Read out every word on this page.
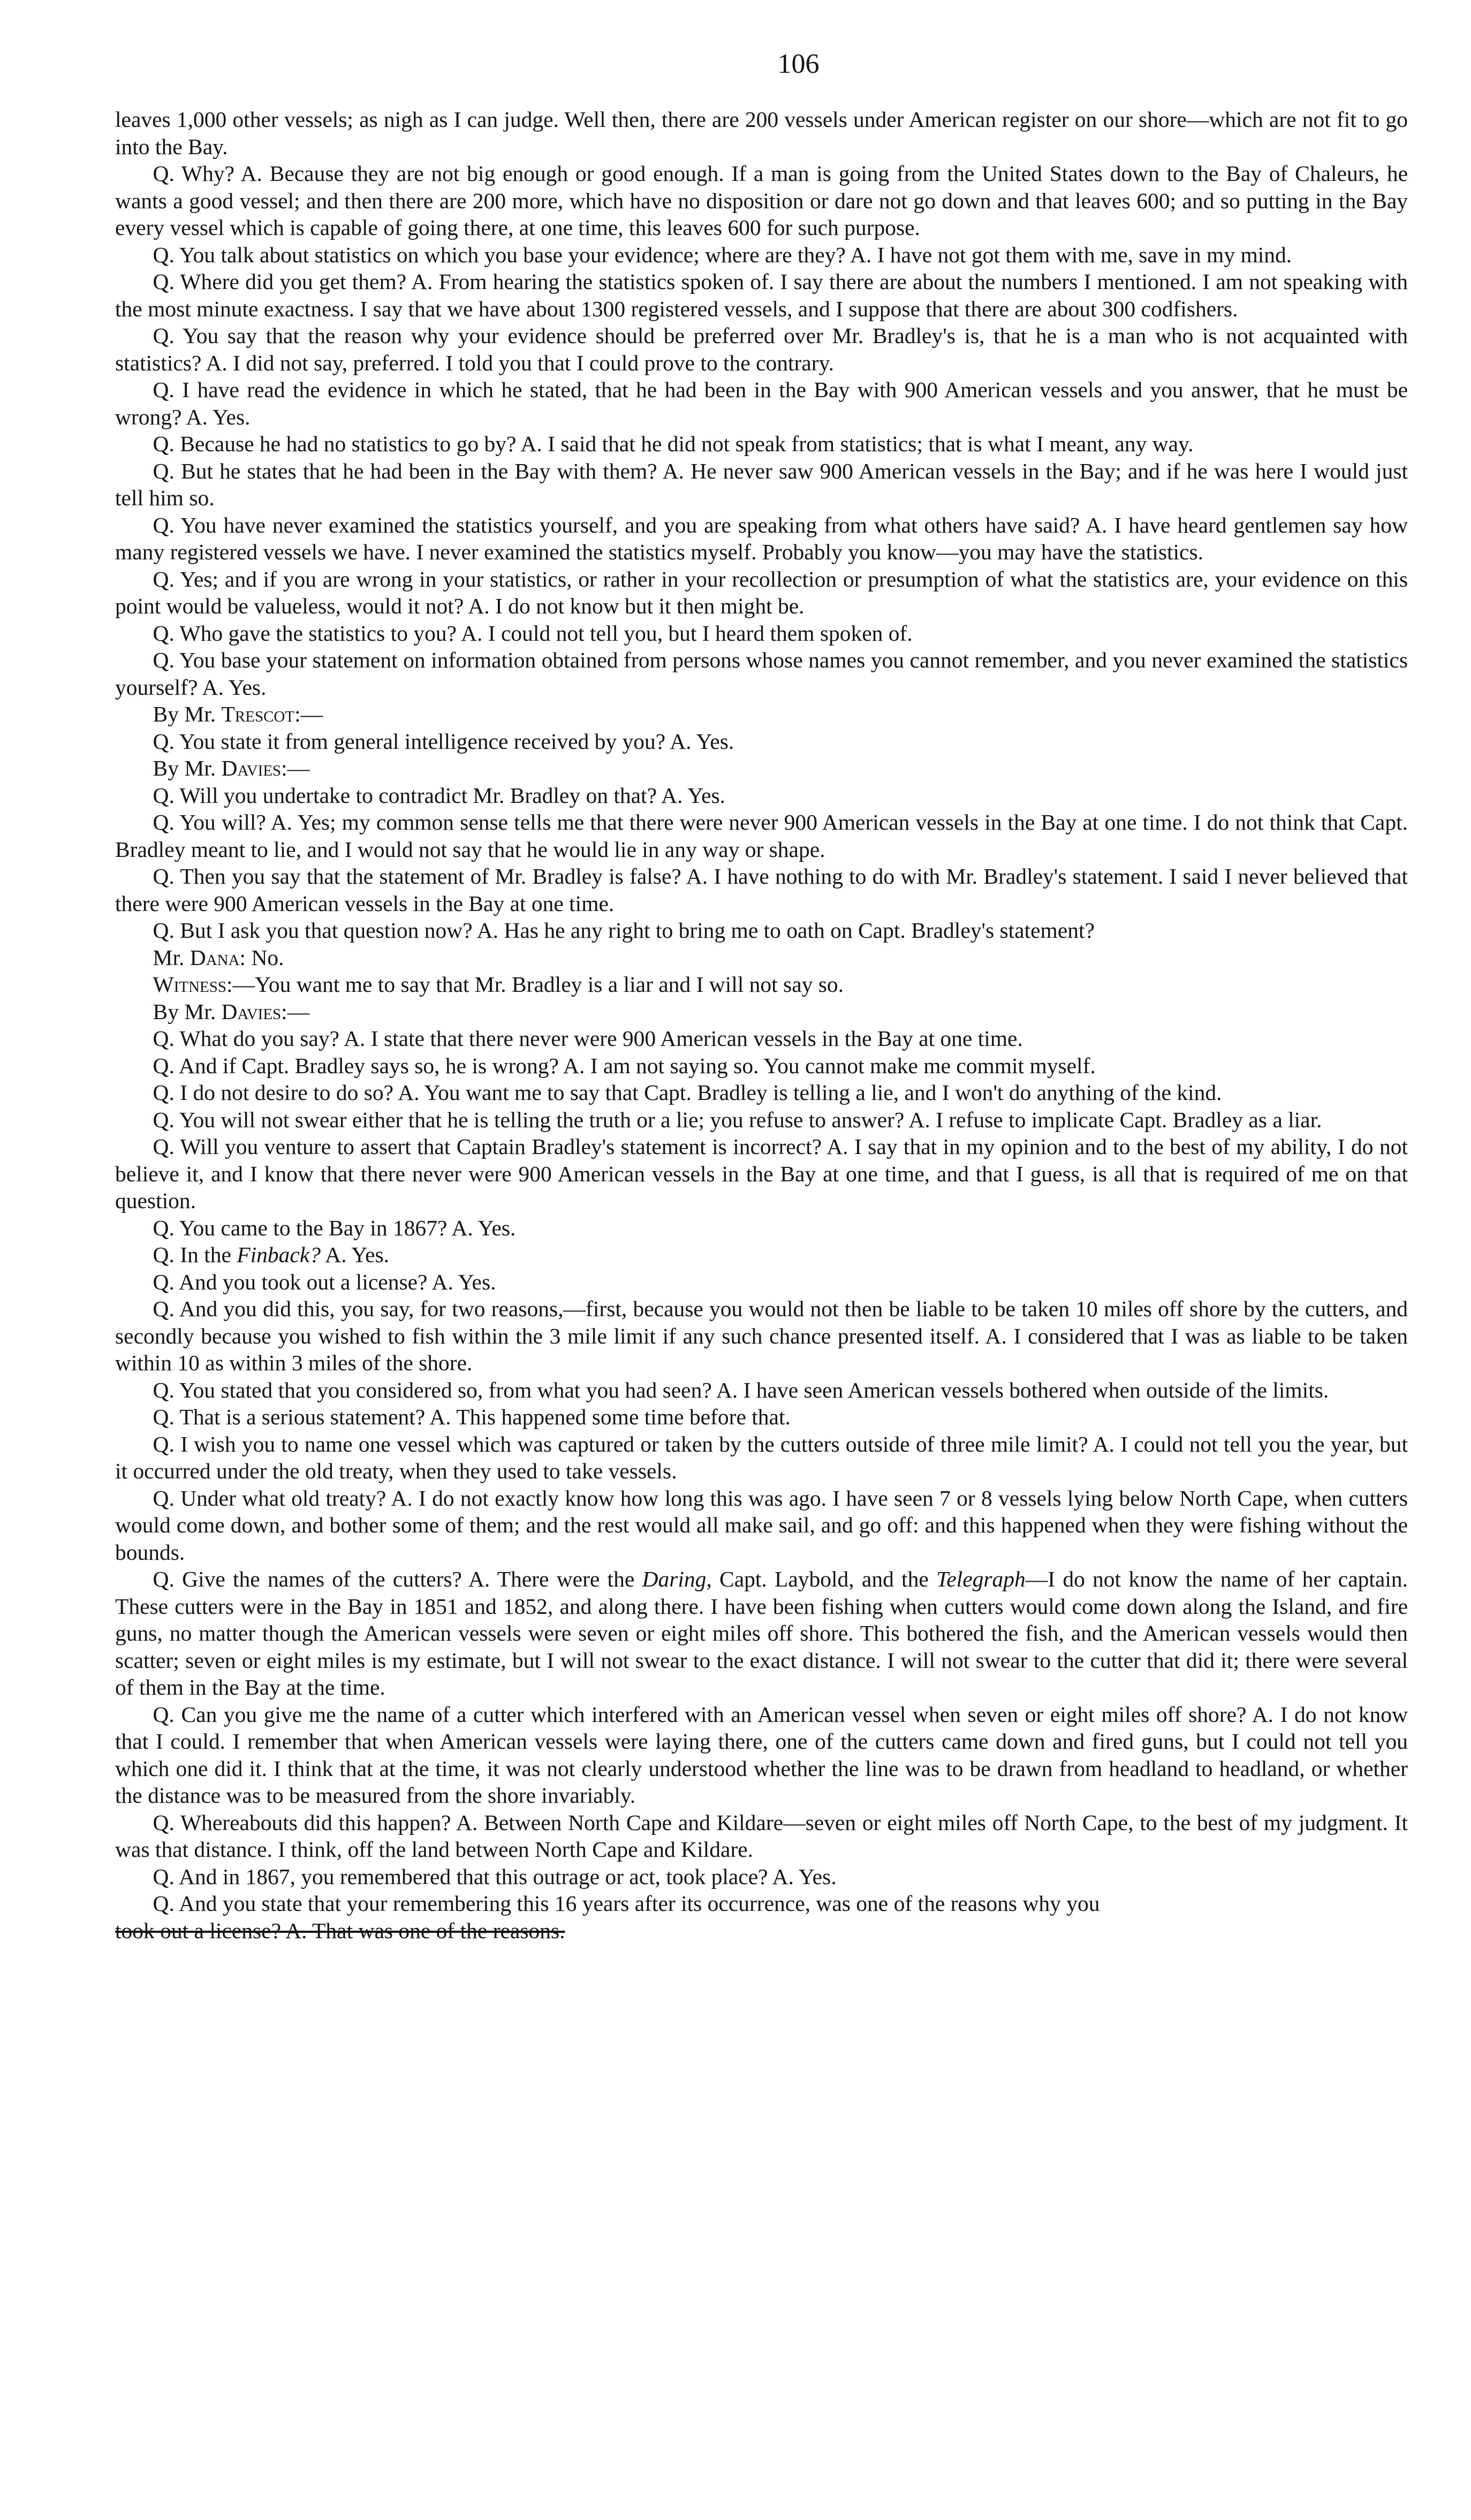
106

leaves 1,000 other vessels; as nigh as I can judge. Well then, there are 200 vessels under American register on our shore—which are not fit to go into the Bay.

Q. Why? A. Because they are not big enough or good enough. If a man is going from the United States down to the Bay of Chaleurs, he wants a good vessel; and then there are 200 more, which have no disposition or dare not go down and that leaves 600; and so putting in the Bay every vessel which is capable of going there, at one time, this leaves 600 for such purpose.

Q. You talk about statistics on which you base your evidence; where are they? A. I have not got them with me, save in my mind.

Q. Where did you get them? A. From hearing the statistics spoken of. I say there are about the numbers I mentioned. I am not speaking with the most minute exactness. I say that we have about 1300 registered vessels, and I suppose that there are about 300 codfishers.

Q. You say that the reason why your evidence should be preferred over Mr. Bradley's is, that he is a man who is not acquainted with statistics? A. I did not say, preferred. I told you that I could prove to the contrary.

Q. I have read the evidence in which he stated, that he had been in the Bay with 900 American vessels and you answer, that he must be wrong? A. Yes.

Q. Because he had no statistics to go by? A. I said that he did not speak from statistics; that is what I meant, any way.

Q. But he states that he had been in the Bay with them? A. He never saw 900 American vessels in the Bay; and if he was here I would just tell him so.

Q. You have never examined the statistics yourself, and you are speaking from what others have said? A. I have heard gentlemen say how many registered vessels we have. I never examined the statistics myself. Probably you know—you may have the statistics.

Q. Yes; and if you are wrong in your statistics, or rather in your recollection or presumption of what the statistics are, your evidence on this point would be valueless, would it not? A. I do not know but it then might be.

Q. Who gave the statistics to you? A. I could not tell you, but I heard them spoken of.

Q. You base your statement on information obtained from persons whose names you cannot remember, and you never examined the statistics yourself? A. Yes.

By Mr. Trescot:—

Q. You state it from general intelligence received by you? A. Yes.

By Mr. Davies:—

Q. Will you undertake to contradict Mr. Bradley on that? A. Yes.

Q. You will? A. Yes; my common sense tells me that there were never 900 American vessels in the Bay at one time. I do not think that Capt. Bradley meant to lie, and I would not say that he would lie in any way or shape.

Q. Then you say that the statement of Mr. Bradley is false? A. I have nothing to do with Mr. Bradley's statement. I said I never believed that there were 900 American vessels in the Bay at one time.

Q. But I ask you that question now? A. Has he any right to bring me to oath on Capt. Bradley's statement?

Mr. Dana: No.

Witness:—You want me to say that Mr. Bradley is a liar and I will not say so.

By Mr. Davies:—

Q. What do you say? A. I state that there never were 900 American vessels in the Bay at one time.

Q. And if Capt. Bradley says so, he is wrong? A. I am not saying so. You cannot make me commit myself.

Q. I do not desire to do so? A. You want me to say that Capt. Bradley is telling a lie, and I won't do anything of the kind.

Q. You will not swear either that he is telling the truth or a lie; you refuse to answer? A. I refuse to implicate Capt. Bradley as a liar.

Q. Will you venture to assert that Captain Bradley's statement is incorrect? A. I say that in my opinion and to the best of my ability, I do not believe it, and I know that there never were 900 American vessels in the Bay at one time, and that I guess, is all that is required of me on that question.

Q. You came to the Bay in 1867? A. Yes.

Q. In the Finback? A. Yes.

Q. And you took out a license? A. Yes.

Q. And you did this, you say, for two reasons,—first, because you would not then be liable to be taken 10 miles off shore by the cutters, and secondly because you wished to fish within the 3 mile limit if any such chance presented itself. A. I considered that I was as liable to be taken within 10 as within 3 miles of the shore.

Q. You stated that you considered so, from what you had seen? A. I have seen American vessels bothered when outside of the limits.

Q. That is a serious statement? A. This happened some time before that.

Q. I wish you to name one vessel which was captured or taken by the cutters outside of three mile limit? A. I could not tell you the year, but it occurred under the old treaty, when they used to take vessels.

Q. Under what old treaty? A. I do not exactly know how long this was ago. I have seen 7 or 8 vessels lying below North Cape, when cutters would come down, and bother some of them; and the rest would all make sail, and go off: and this happened when they were fishing without the bounds.

Q. Give the names of the cutters? A. There were the Daring, Capt. Laybold, and the Telegraph—I do not know the name of her captain. These cutters were in the Bay in 1851 and 1852, and along there. I have been fishing when cutters would come down along the Island, and fire guns, no matter though the American vessels were seven or eight miles off shore. This bothered the fish, and the American vessels would then scatter; seven or eight miles is my estimate, but I will not swear to the exact distance. I will not swear to the cutter that did it; there were several of them in the Bay at the time.

Q. Can you give me the name of a cutter which interfered with an American vessel when seven or eight miles off shore? A. I do not know that I could. I remember that when American vessels were laying there, one of the cutters came down and fired guns, but I could not tell you which one did it. I think that at the time, it was not clearly understood whether the line was to be drawn from headland to headland, or whether the distance was to be measured from the shore invariably.

Q. Whereabouts did this happen? A. Between North Cape and Kildare—seven or eight miles off North Cape, to the best of my judgment. It was that distance. I think, off the land between North Cape and Kildare.

Q. And in 1867, you remembered that this outrage or act, took place? A. Yes.

Q. And you state that your remembering this 16 years after its occurrence, was one of the reasons why you

took out a license? A. That was one of the reasons.
